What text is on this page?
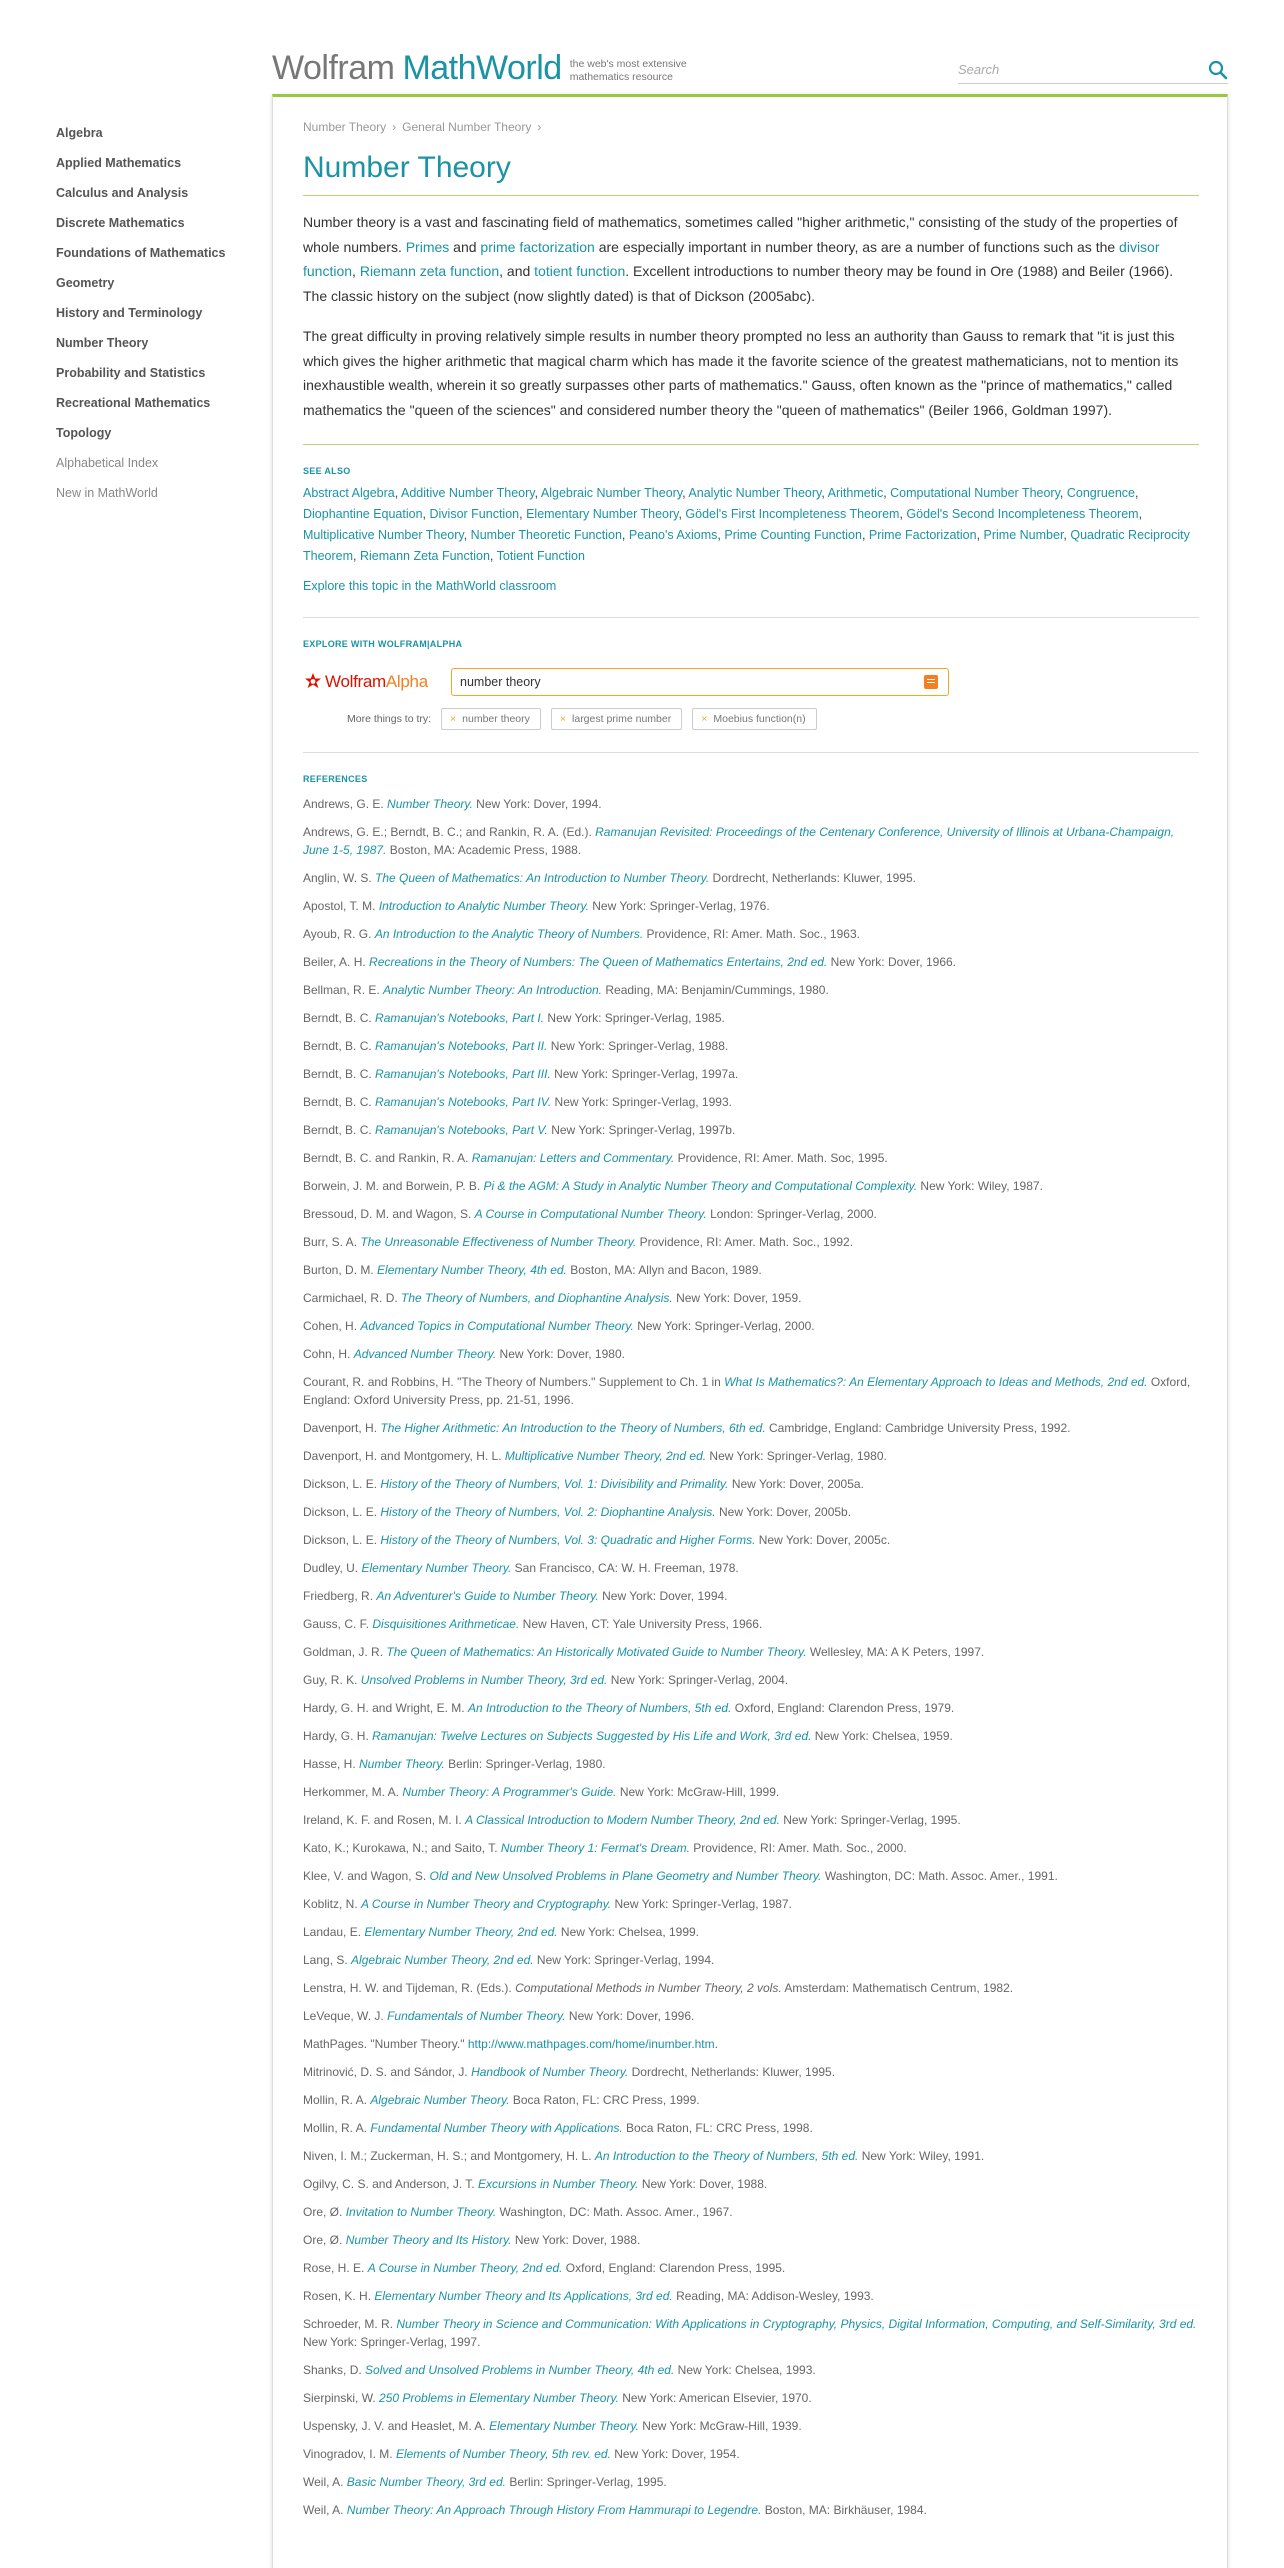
Wolfram MathWorld the web's most extensive mathematics resource
Search
Algebra
Applied Mathematics
Calculus and Analysis
Discrete Mathematics
Foundations of Mathematics
Geometry
History and Terminology
Number Theory
Probability and Statistics
Recreational Mathematics
Topology
Alphabetical Index
New in MathWorld
Number Theory › General Number Theory ›
Number Theory

Number theory is a vast and fascinating field of mathematics, sometimes called "higher arithmetic," consisting of the study of the properties of whole numbers. Primes and prime factorization are especially important in number theory, as are a number of functions such as the divisor function, Riemann zeta function, and totient function. Excellent introductions to number theory may be found in Ore (1988) and Beiler (1966). The classic history on the subject (now slightly dated) is that of Dickson (2005abc).

The great difficulty in proving relatively simple results in number theory prompted no less an authority than Gauss to remark that "it is just this which gives the higher arithmetic that magical charm which has made it the favorite science of the greatest mathematicians, not to mention its inexhaustible wealth, wherein it so greatly surpasses other parts of mathematics." Gauss, often known as the "prince of mathematics," called mathematics the "queen of the sciences" and considered number theory the "queen of mathematics" (Beiler 1966, Goldman 1997).

SEE ALSO
Abstract Algebra, Additive Number Theory, Algebraic Number Theory, Analytic Number Theory, Arithmetic, Computational Number Theory, Congruence, Diophantine Equation, Divisor Function, Elementary Number Theory, Gödel's First Incompleteness Theorem, Gödel's Second Incompleteness Theorem, Multiplicative Number Theory, Number Theoretic Function, Peano's Axioms, Prime Counting Function, Prime Factorization, Prime Number, Quadratic Reciprocity Theorem, Riemann Zeta Function, Totient Function
Explore this topic in the MathWorld classroom
EXPLORE WITH WOLFRAM|ALPHA
WolframAlpha
number theory
More things to try:	× number theory	× largest prime number	× Moebius function(n)
REFERENCES
Andrews, G. E. Number Theory. New York: Dover, 1994.
Andrews, G. E.; Berndt, B. C.; and Rankin, R. A. (Ed.). Ramanujan Revisited: Proceedings of the Centenary Conference, University of Illinois at Urbana-Champaign, June 1-5, 1987. Boston, MA: Academic Press, 1988.
Anglin, W. S. The Queen of Mathematics: An Introduction to Number Theory. Dordrecht, Netherlands: Kluwer, 1995.
Apostol, T. M. Introduction to Analytic Number Theory. New York: Springer-Verlag, 1976.
Ayoub, R. G. An Introduction to the Analytic Theory of Numbers. Providence, RI: Amer. Math. Soc., 1963.
Beiler, A. H. Recreations in the Theory of Numbers: The Queen of Mathematics Entertains, 2nd ed. New York: Dover, 1966.
Bellman, R. E. Analytic Number Theory: An Introduction. Reading, MA: Benjamin/Cummings, 1980.
Berndt, B. C. Ramanujan's Notebooks, Part I. New York: Springer-Verlag, 1985.
Berndt, B. C. Ramanujan's Notebooks, Part II. New York: Springer-Verlag, 1988.
Berndt, B. C. Ramanujan's Notebooks, Part III. New York: Springer-Verlag, 1997a.
Berndt, B. C. Ramanujan's Notebooks, Part IV. New York: Springer-Verlag, 1993.
Berndt, B. C. Ramanujan's Notebooks, Part V. New York: Springer-Verlag, 1997b.
Berndt, B. C. and Rankin, R. A. Ramanujan: Letters and Commentary. Providence, RI: Amer. Math. Soc, 1995.
Borwein, J. M. and Borwein, P. B. Pi & the AGM: A Study in Analytic Number Theory and Computational Complexity. New York: Wiley, 1987.
Bressoud, D. M. and Wagon, S. A Course in Computational Number Theory. London: Springer-Verlag, 2000.
Burr, S. A. The Unreasonable Effectiveness of Number Theory. Providence, RI: Amer. Math. Soc., 1992.
Burton, D. M. Elementary Number Theory, 4th ed. Boston, MA: Allyn and Bacon, 1989.
Carmichael, R. D. The Theory of Numbers, and Diophantine Analysis. New York: Dover, 1959.
Cohen, H. Advanced Topics in Computational Number Theory. New York: Springer-Verlag, 2000.
Cohn, H. Advanced Number Theory. New York: Dover, 1980.
Courant, R. and Robbins, H. "The Theory of Numbers." Supplement to Ch. 1 in What Is Mathematics?: An Elementary Approach to Ideas and Methods, 2nd ed. Oxford, England: Oxford University Press, pp. 21-51, 1996.
Davenport, H. The Higher Arithmetic: An Introduction to the Theory of Numbers, 6th ed. Cambridge, England: Cambridge University Press, 1992.
Davenport, H. and Montgomery, H. L. Multiplicative Number Theory, 2nd ed. New York: Springer-Verlag, 1980.
Dickson, L. E. History of the Theory of Numbers, Vol. 1: Divisibility and Primality. New York: Dover, 2005a.
Dickson, L. E. History of the Theory of Numbers, Vol. 2: Diophantine Analysis. New York: Dover, 2005b.
Dickson, L. E. History of the Theory of Numbers, Vol. 3: Quadratic and Higher Forms. New York: Dover, 2005c.
Dudley, U. Elementary Number Theory. San Francisco, CA: W. H. Freeman, 1978.
Friedberg, R. An Adventurer's Guide to Number Theory. New York: Dover, 1994.
Gauss, C. F. Disquisitiones Arithmeticae. New Haven, CT: Yale University Press, 1966.
Goldman, J. R. The Queen of Mathematics: An Historically Motivated Guide to Number Theory. Wellesley, MA: A K Peters, 1997.
Guy, R. K. Unsolved Problems in Number Theory, 3rd ed. New York: Springer-Verlag, 2004.
Hardy, G. H. and Wright, E. M. An Introduction to the Theory of Numbers, 5th ed. Oxford, England: Clarendon Press, 1979.
Hardy, G. H. Ramanujan: Twelve Lectures on Subjects Suggested by His Life and Work, 3rd ed. New York: Chelsea, 1959.
Hasse, H. Number Theory. Berlin: Springer-Verlag, 1980.
Herkommer, M. A. Number Theory: A Programmer's Guide. New York: McGraw-Hill, 1999.
Ireland, K. F. and Rosen, M. I. A Classical Introduction to Modern Number Theory, 2nd ed. New York: Springer-Verlag, 1995.
Kato, K.; Kurokawa, N.; and Saito, T. Number Theory 1: Fermat's Dream. Providence, RI: Amer. Math. Soc., 2000.
Klee, V. and Wagon, S. Old and New Unsolved Problems in Plane Geometry and Number Theory. Washington, DC: Math. Assoc. Amer., 1991.
Koblitz, N. A Course in Number Theory and Cryptography. New York: Springer-Verlag, 1987.
Landau, E. Elementary Number Theory, 2nd ed. New York: Chelsea, 1999.
Lang, S. Algebraic Number Theory, 2nd ed. New York: Springer-Verlag, 1994.
Lenstra, H. W. and Tijdeman, R. (Eds.). Computational Methods in Number Theory, 2 vols. Amsterdam: Mathematisch Centrum, 1982.
LeVeque, W. J. Fundamentals of Number Theory. New York: Dover, 1996.
MathPages. "Number Theory." http://www.mathpages.com/home/inumber.htm.
Mitrinović, D. S. and Sándor, J. Handbook of Number Theory. Dordrecht, Netherlands: Kluwer, 1995.
Mollin, R. A. Algebraic Number Theory. Boca Raton, FL: CRC Press, 1999.
Mollin, R. A. Fundamental Number Theory with Applications. Boca Raton, FL: CRC Press, 1998.
Niven, I. M.; Zuckerman, H. S.; and Montgomery, H. L. An Introduction to the Theory of Numbers, 5th ed. New York: Wiley, 1991.
Ogilvy, C. S. and Anderson, J. T. Excursions in Number Theory. New York: Dover, 1988.
Ore, Ø. Invitation to Number Theory. Washington, DC: Math. Assoc. Amer., 1967.
Ore, Ø. Number Theory and Its History. New York: Dover, 1988.
Rose, H. E. A Course in Number Theory, 2nd ed. Oxford, England: Clarendon Press, 1995.
Rosen, K. H. Elementary Number Theory and Its Applications, 3rd ed. Reading, MA: Addison-Wesley, 1993.
Schroeder, M. R. Number Theory in Science and Communication: With Applications in Cryptography, Physics, Digital Information, Computing, and Self-Similarity, 3rd ed. New York: Springer-Verlag, 1997.
Shanks, D. Solved and Unsolved Problems in Number Theory, 4th ed. New York: Chelsea, 1993.
Sierpinski, W. 250 Problems in Elementary Number Theory. New York: American Elsevier, 1970.
Uspensky, J. V. and Heaslet, M. A. Elementary Number Theory. New York: McGraw-Hill, 1939.
Vinogradov, I. M. Elements of Number Theory, 5th rev. ed. New York: Dover, 1954.
Weil, A. Basic Number Theory, 3rd ed. Berlin: Springer-Verlag, 1995.
Weil, A. Number Theory: An Approach Through History From Hammurapi to Legendre. Boston, MA: Birkhäuser, 1984.
